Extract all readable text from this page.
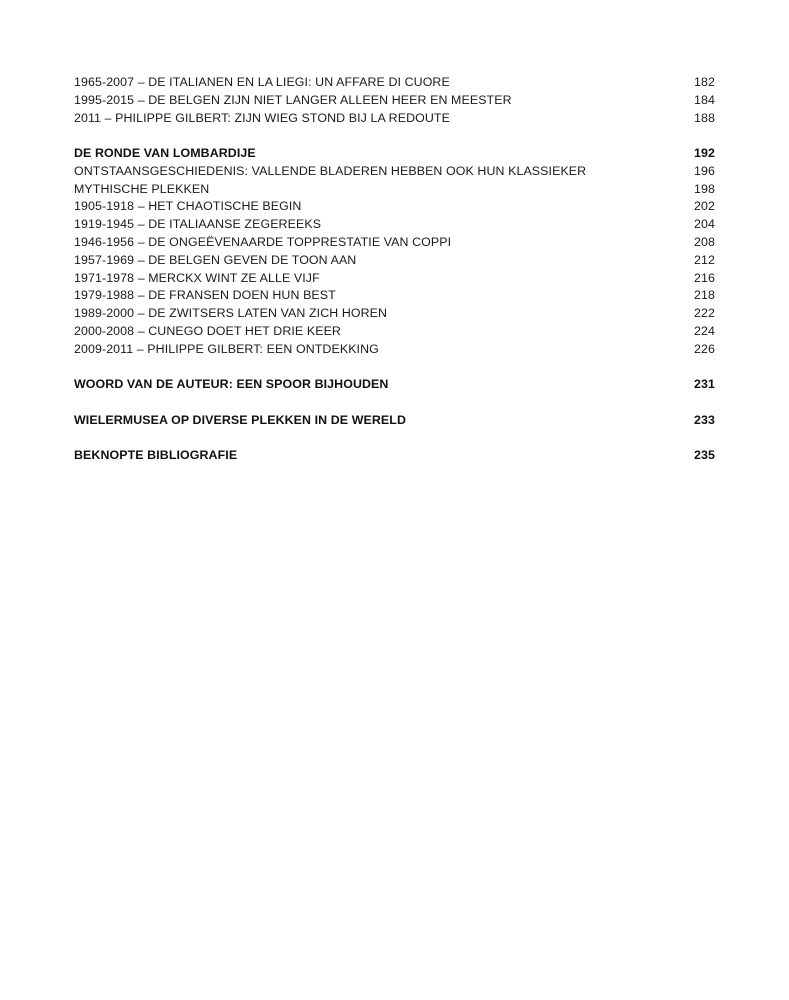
1965-2007 – DE ITALIANEN EN LA LIEGI: UN AFFARE DI CUORE	182
1995-2015 – DE BELGEN ZIJN NIET LANGER ALLEEN HEER EN MEESTER	184
2011 – PHILIPPE GILBERT: ZIJN WIEG STOND BIJ LA REDOUTE	188
DE RONDE VAN LOMBARDIJE	192
ONTSTAANSGESCHIEDENIS: VALLENDE BLADEREN HEBBEN OOK HUN KLASSIEKER	196
MYTHISCHE PLEKKEN	198
1905-1918 – HET CHAOTISCHE BEGIN	202
1919-1945 – DE ITALIAANSE ZEGEREEKS	204
1946-1956 – DE ONGEËVENAARDE TOPPRESTATIE VAN COPPI	208
1957-1969 – DE BELGEN GEVEN DE TOON AAN	212
1971-1978 – MERCKX WINT ZE ALLE VIJF	216
1979-1988 – DE FRANSEN DOEN HUN BEST	218
1989-2000 – DE ZWITSERS LATEN VAN ZICH HOREN	222
2000-2008 – CUNEGO DOET HET DRIE KEER	224
2009-2011 – PHILIPPE GILBERT: EEN ONTDEKKING	226
WOORD VAN DE AUTEUR: EEN SPOOR BIJHOUDEN	231
WIELERMUSEA OP DIVERSE PLEKKEN IN DE WERELD	233
BEKNOPTE BIBLIOGRAFIE	235
